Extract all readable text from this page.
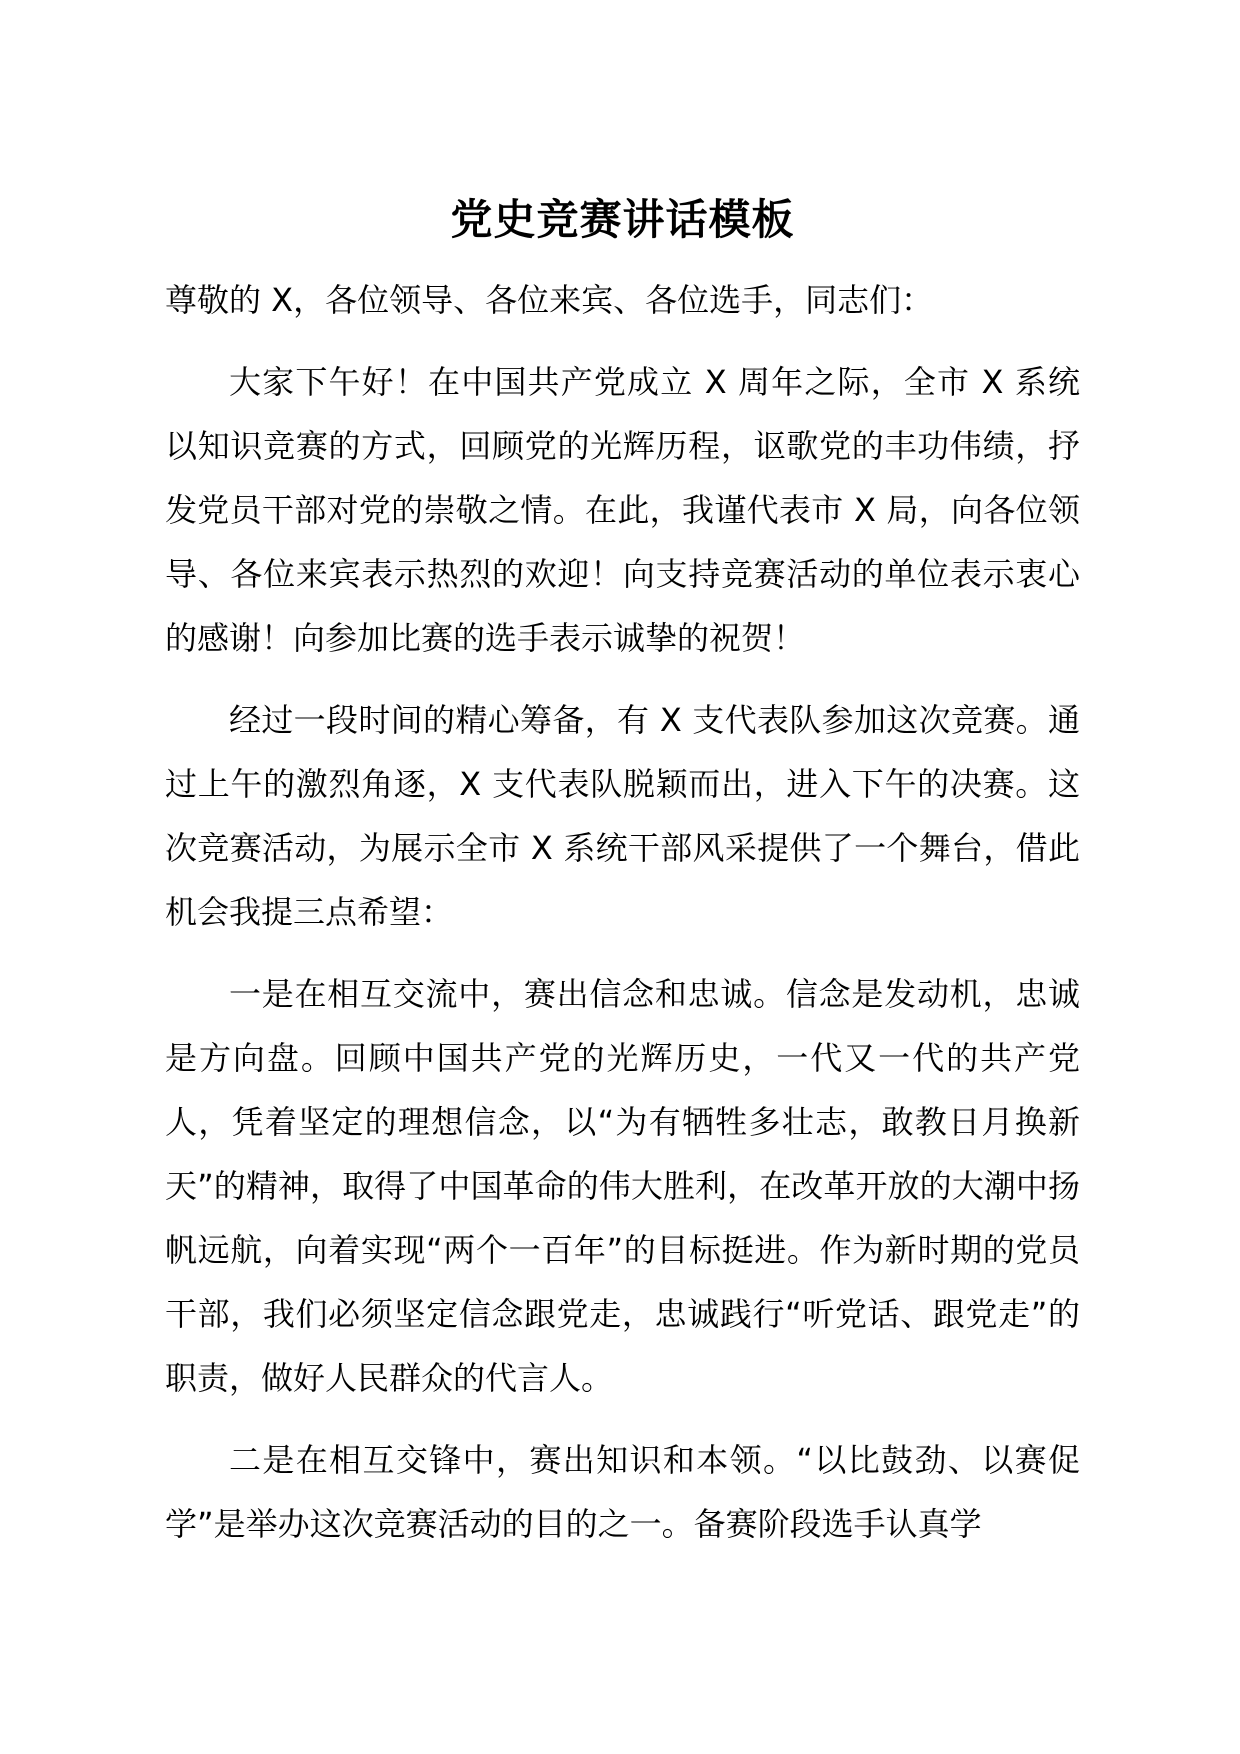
党史竞赛讲话模板

尊敬的 X，各位领导、各位来宾、各位选手，同志们：

大家下午好！在中国共产党成立 X 周年之际，全市 X 系统以知识竞赛的方式，回顾党的光辉历程，讴歌党的丰功伟绩，抒发党员干部对党的崇敬之情。在此，我谨代表市 X 局，向各位领导、各位来宾表示热烈的欢迎！向支持竞赛活动的单位表示衷心的感谢！向参加比赛的选手表示诚挚的祝贺！

经过一段时间的精心筹备，有 X 支代表队参加这次竞赛。通过上午的激烈角逐，X 支代表队脱颖而出，进入下午的决赛。这次竞赛活动，为展示全市 X 系统干部风采提供了一个舞台，借此机会我提三点希望：

一是在相互交流中，赛出信念和忠诚。信念是发动机，忠诚是方向盘。回顾中国共产党的光辉历史，一代又一代的共产党人，凭着坚定的理想信念，以“为有牺牲多壮志，敢教日月换新天”的精神，取得了中国革命的伟大胜利，在改革开放的大潮中扬帆远航，向着实现“两个一百年”的目标挺进。作为新时期的党员干部，我们必须坚定信念跟党走，忠诚践行“听党话、跟党走”的职责，做好人民群众的代言人。

二是在相互交锋中，赛出知识和本领。“以比鼓劲、以赛促学”是举办这次竞赛活动的目的之一。备赛阶段选手认真学
